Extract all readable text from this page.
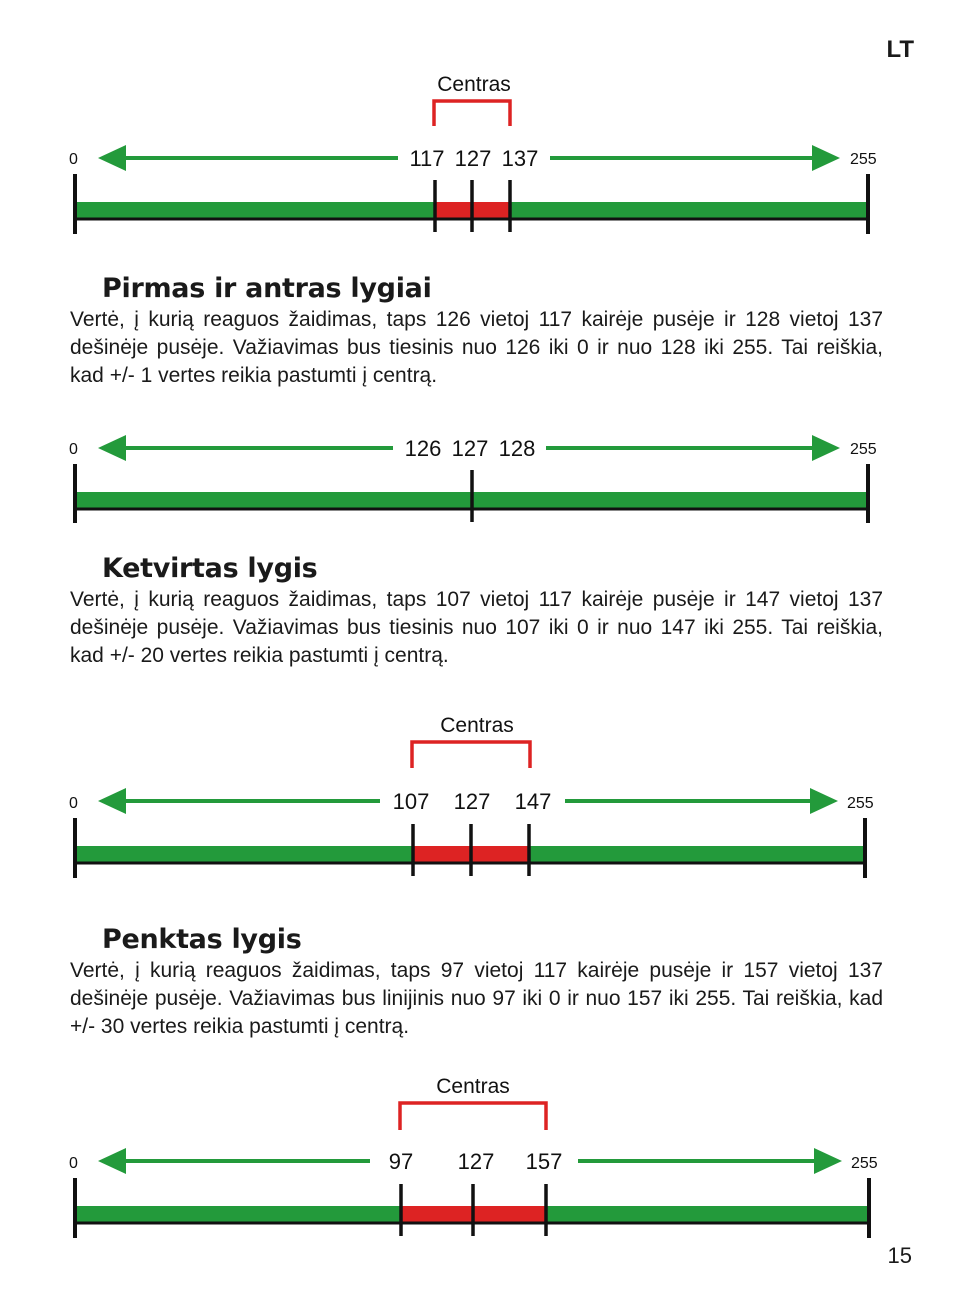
LT
Centras
0	255
117 127 137
Pirmas ir antras lygiai
Vertė, į kurią reaguos žaidimas, taps 126 vietoj 117 kairėje pusėje ir 128 vietoj 137 dešinėje pusėje. Važiavimas bus tiesinis nuo 126 iki 0 ir nuo 128 iki 255. Tai reiškia, kad +/- 1 vertes reikia pastumti į centrą.
0	255
126 127 128
Ketvirtas lygis
Vertė, į kurią reaguos žaidimas, taps 107 vietoj 117 kairėje pusėje ir 147 vietoj 137 dešinėje pusėje. Važiavimas bus tiesinis nuo 107 iki 0 ir nuo 147 iki 255. Tai reiškia, kad +/- 20 vertes reikia pastumti į centrą.
Centras
0	255
107 127 147
Penktas lygis
Vertė, į kurią reaguos žaidimas, taps 97 vietoj 117 kairėje pusėje ir 157 vietoj 137 dešinėje pusėje. Važiavimas bus linijinis nuo 97 iki 0 ir nuo 157 iki 255. Tai reiškia, kad +/- 30 vertes reikia pastumti į centrą.
Centras
0	255
97 127 157
15
